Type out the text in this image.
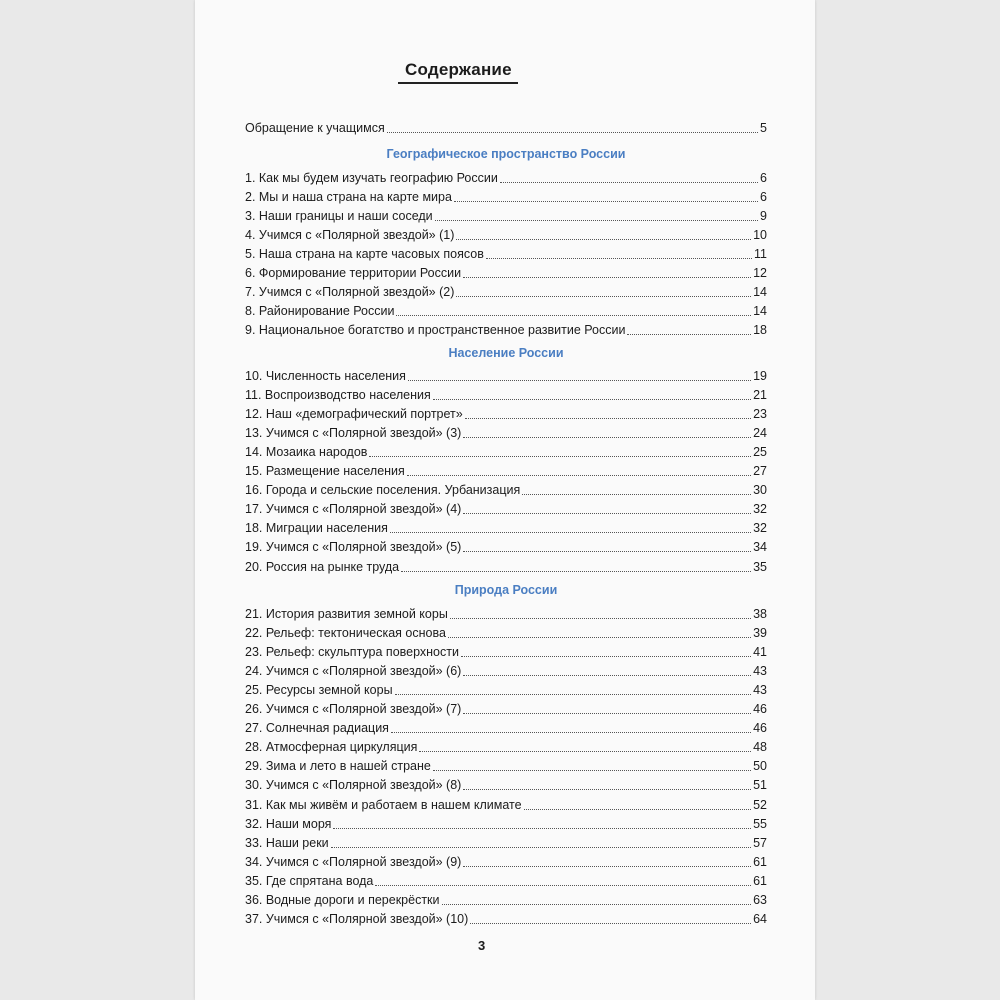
Содержание
Обращение к учащимся	5
Географическое пространство России
1. Как мы будем изучать географию России	6
2. Мы и наша страна на карте мира	6
3. Наши границы и наши соседи	9
4. Учимся с «Полярной звездой» (1)	10
5. Наша страна на карте часовых поясов	11
6. Формирование территории России	12
7. Учимся с «Полярной звездой» (2)	14
8. Районирование России	14
9. Национальное богатство и пространственное развитие России	18
Население России
10. Численность населения	19
11. Воспроизводство населения	21
12. Наш «демографический портрет»	23
13. Учимся с «Полярной звездой» (3)	24
14. Мозаика народов	25
15. Размещение населения	27
16. Города и сельские поселения. Урбанизация	30
17. Учимся с «Полярной звездой» (4)	32
18. Миграции населения	32
19. Учимся с «Полярной звездой» (5)	34
20. Россия на рынке труда	35
Природа России
21. История развития земной коры	38
22. Рельеф: тектоническая основа	39
23. Рельеф: скульптура поверхности	41
24. Учимся с «Полярной звездой» (6)	43
25. Ресурсы земной коры	43
26. Учимся с «Полярной звездой» (7)	46
27. Солнечная радиация	46
28. Атмосферная циркуляция	48
29. Зима и лето в нашей стране	50
30. Учимся с «Полярной звездой» (8)	51
31. Как мы живём и работаем в нашем климате	52
32. Наши моря	55
33. Наши реки	57
34. Учимся с «Полярной звездой» (9)	61
35. Где спрятана вода	61
36. Водные дороги и перекрёстки	63
37. Учимся с «Полярной звездой» (10)	64
3
